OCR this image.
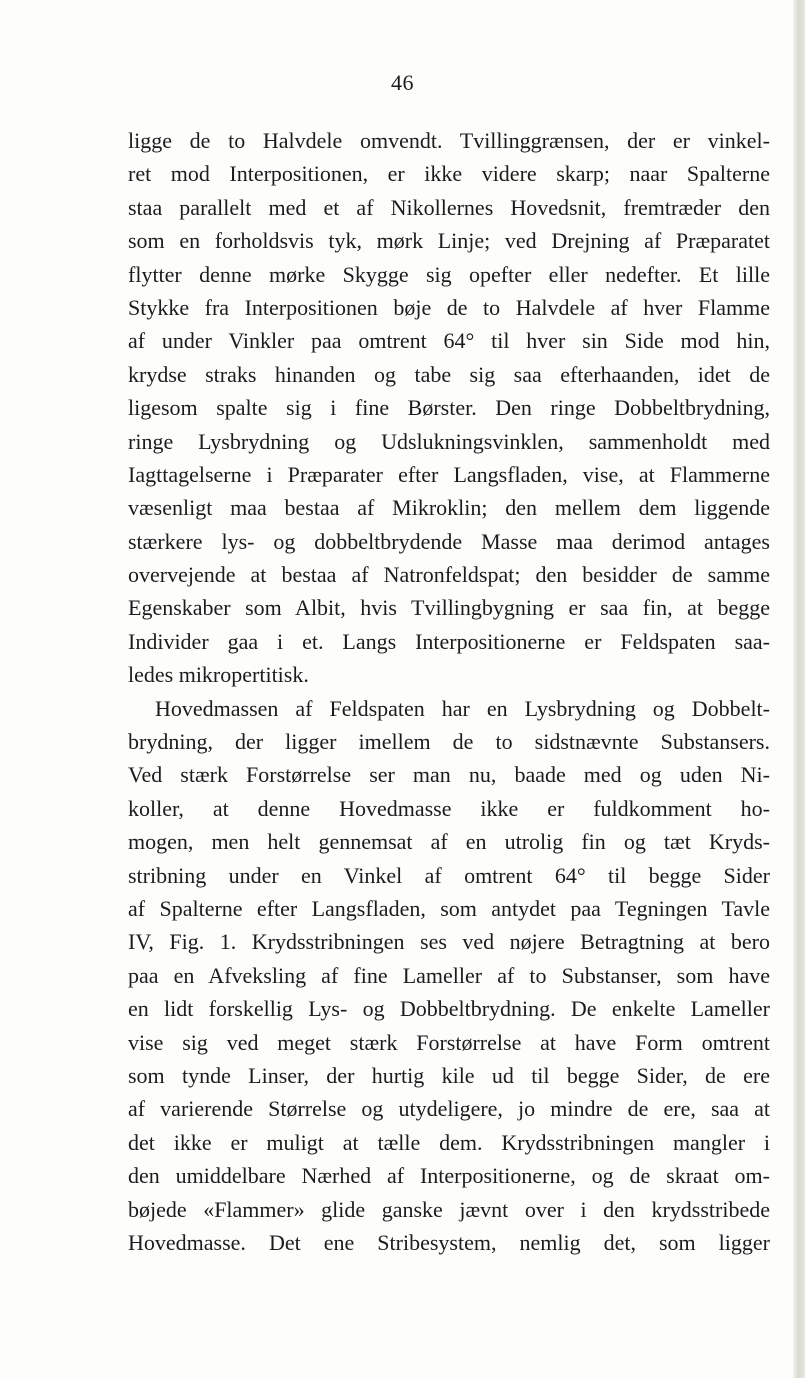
46
ligge de to Halvdele omvendt. Tvillinggrænsen, der er vinkel-
ret mod Interpositionen, er ikke videre skarp; naar Spalterne
staa parallelt med et af Nikollernes Hovedsnit, fremtræder den
som en forholdsvis tyk, mørk Linje; ved Drejning af Præparatet
flytter denne mørke Skygge sig opefter eller nedefter. Et lille
Stykke fra Interpositionen bøje de to Halvdele af hver Flamme
af under Vinkler paa omtrent 64° til hver sin Side mod hin,
krydse straks hinanden og tabe sig saa efterhaanden, idet de
ligesom spalte sig i fine Børster. Den ringe Dobbeltbrydning,
ringe Lysbrydning og Udslukningsvinklen, sammenholdt med
Iagttagelserne i Præparater efter Langsfladen, vise, at Flammerne
væsenligt maa bestaa af Mikroklin; den mellem dem liggende
stærkere lys- og dobbeltbrydende Masse maa derimod antages
overvejende at bestaa af Natronfeldspat; den besidder de samme
Egenskaber som Albit, hvis Tvillingbygning er saa fin, at begge
Individer gaa i et. Langs Interpositionerne er Feldspaten saa-
ledes mikropertitisk.
Hovedmassen af Feldspaten har en Lysbrydning og Dobbelt-
brydning, der ligger imellem de to sidstnævnte Substansers.
Ved stærk Forstørrelse ser man nu, baade med og uden Ni-
koller, at denne Hovedmasse ikke er fuldkomment ho-
mogen, men helt gennemsat af en utrolig fin og tæt Kryds-
stribning under en Vinkel af omtrent 64° til begge Sider
af Spalterne efter Langsfladen, som antydet paa Tegningen Tavle
IV, Fig. 1. Krydsstribningen ses ved nøjere Betragtning at bero
paa en Afveksling af fine Lameller af to Substanser, som have
en lidt forskellig Lys- og Dobbeltbrydning. De enkelte Lameller
vise sig ved meget stærk Forstørrelse at have Form omtrent
som tynde Linser, der hurtig kile ud til begge Sider, de ere
af varierende Størrelse og utydeligere, jo mindre de ere, saa at
det ikke er muligt at tælle dem. Krydsstribningen mangler i
den umiddelbare Nærhed af Interpositionerne, og de skraat om-
bøjede «Flammer» glide ganske jævnt over i den krydsstribede
Hovedmasse. Det ene Stribesystem, nemlig det, som ligger
